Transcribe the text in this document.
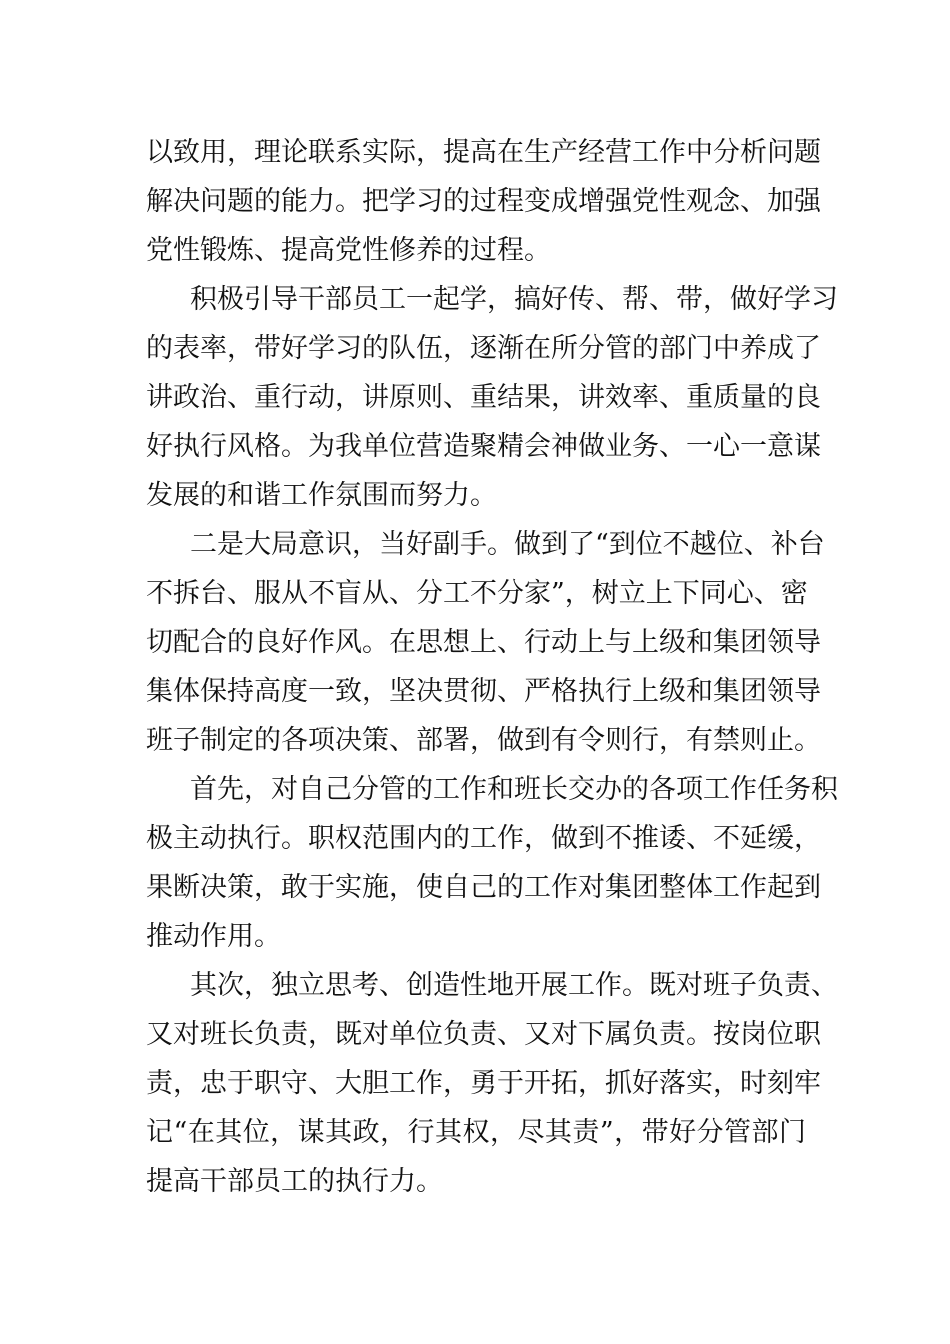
以致用，理论联系实际，提高在生产经营工作中分析问题
解决问题的能力。把学习的过程变成增强党性观念、加强
党性锻炼、提高党性修养的过程。
积极引导干部员工一起学，搞好传、帮、带，做好学习
的表率，带好学习的队伍，逐渐在所分管的部门中养成了
讲政治、重行动，讲原则、重结果，讲效率、重质量的良
好执行风格。为我单位营造聚精会神做业务、一心一意谋
发展的和谐工作氛围而努力。
二是大局意识，当好副手。做到了“到位不越位、补台
不拆台、服从不盲从、分工不分家”，树立上下同心、密
切配合的良好作风。在思想上、行动上与上级和集团领导
集体保持高度一致，坚决贯彻、严格执行上级和集团领导
班子制定的各项决策、部署，做到有令则行，有禁则止。
首先，对自己分管的工作和班长交办的各项工作任务积
极主动执行。职权范围内的工作，做到不推诿、不延缓，
果断决策，敢于实施，使自己的工作对集团整体工作起到
推动作用。
其次，独立思考、创造性地开展工作。既对班子负责、
又对班长负责，既对单位负责、又对下属负责。按岗位职
责，忠于职守、大胆工作，勇于开拓，抓好落实，时刻牢
记“在其位，谋其政，行其权，尽其责”，带好分管部门
提高干部员工的执行力。
